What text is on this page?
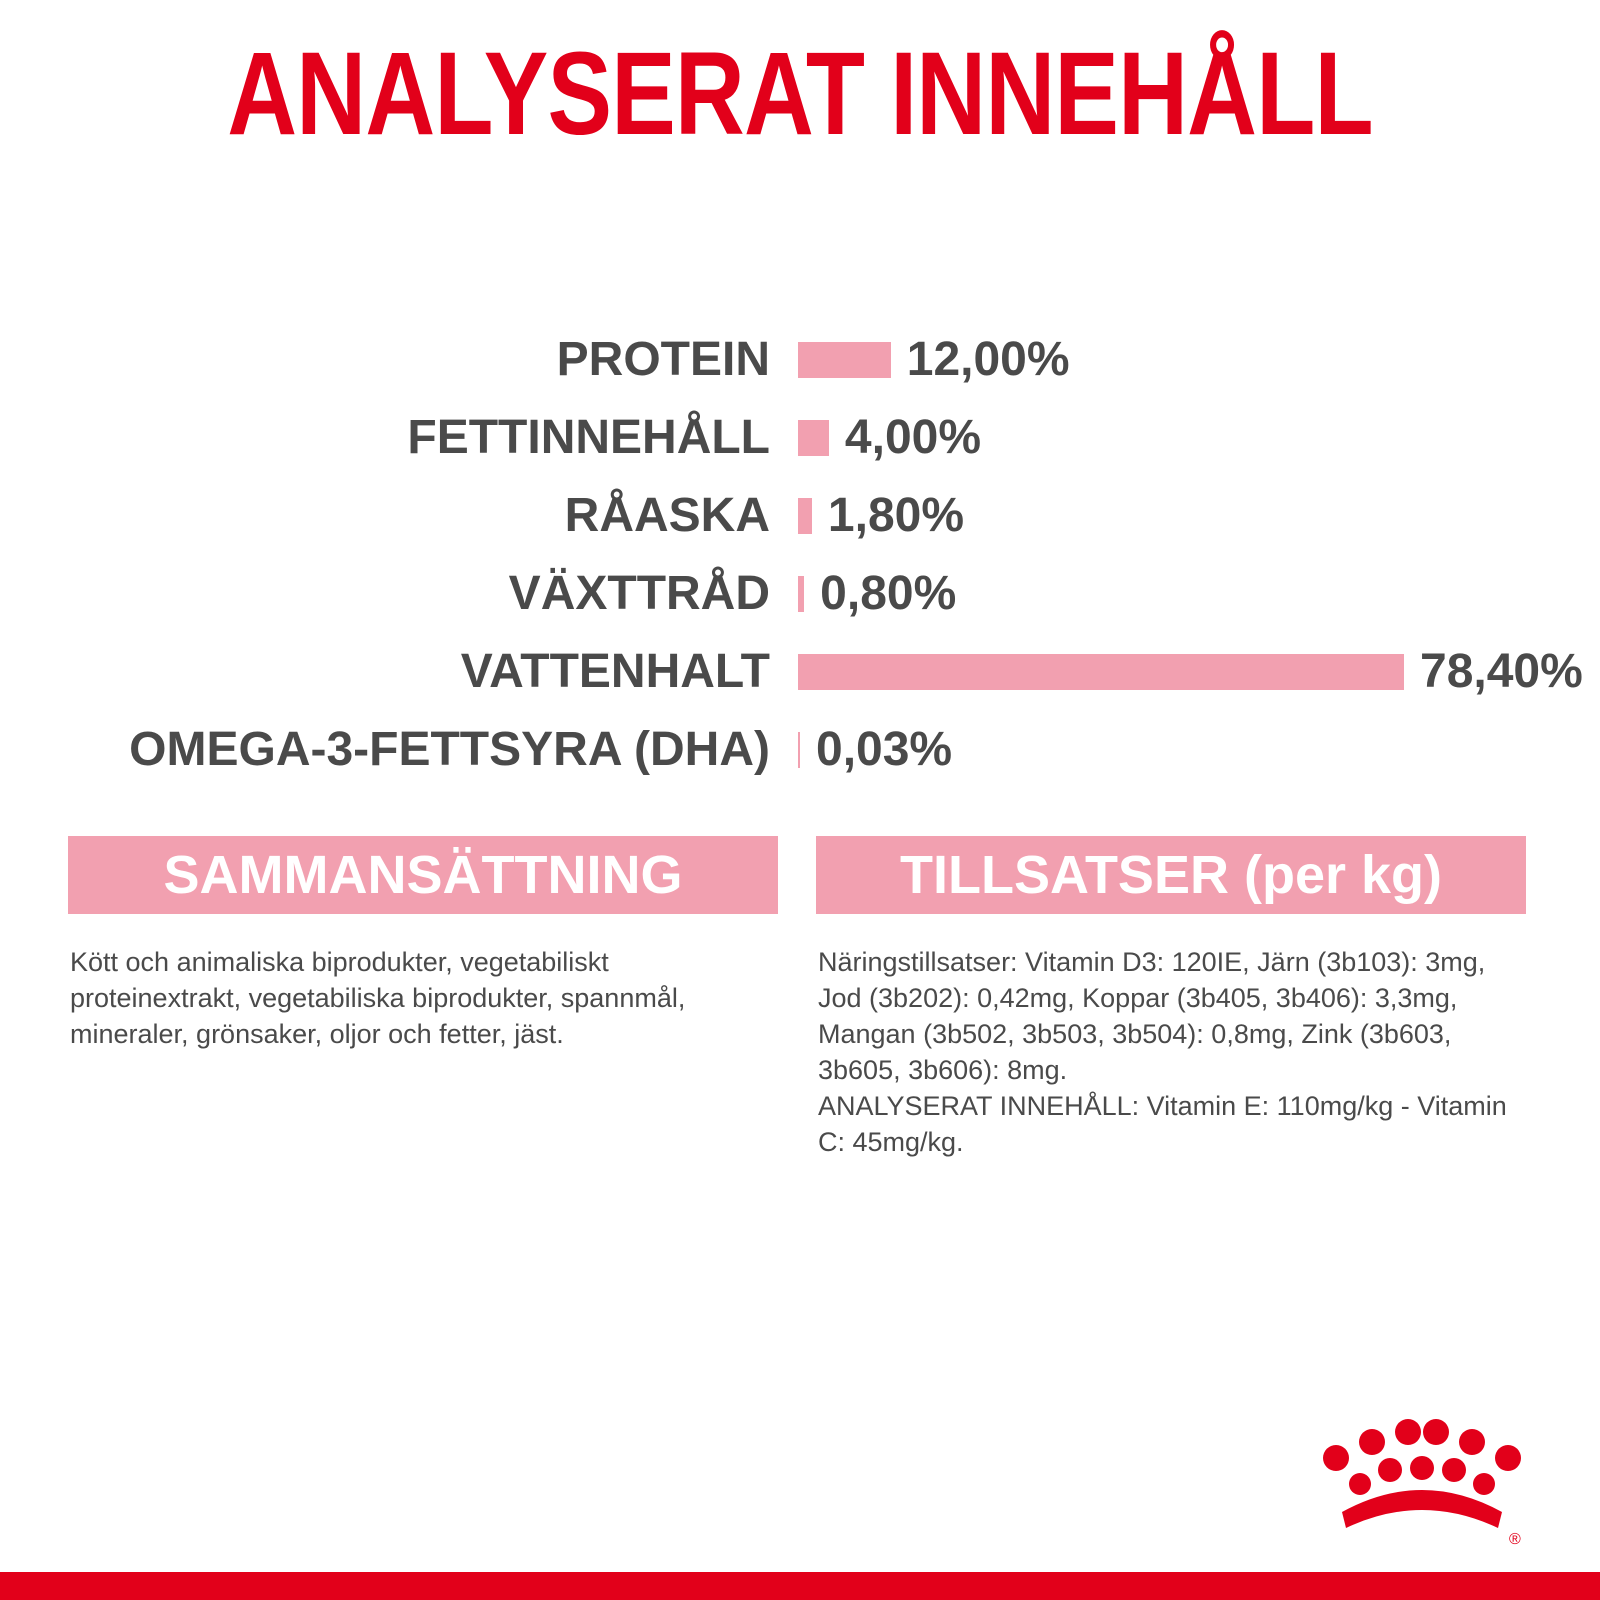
ANALYSERAT INNEHÅLL
PROTEIN	12,00%
FETTINNEHÅLL 4,00%
RÅASKA 1,80%
VÄXTTRÅD 0,80%
VATTENHALT	78,40%
OMEGA-3-FETTSYRA (DHA) 0,03%
SAMMANSÄTTNING	TILLSATSER (per kg)

Kött och animaliska biprodukter, vegetabiliskt proteinextrakt, vegetabiliska biprodukter, spannmål, mineraler, grönsaker, oljor och fetter, jäst.

Näringstillsatser: Vitamin D3: 120IE, Järn (3b103): 3mg, Jod (3b202): 0,42mg, Koppar (3b405, 3b406): 3,3mg, Mangan (3b502, 3b503, 3b504): 0,8mg, Zink (3b603, 3b605, 3b606): 8mg.

ANALYSERAT INNEHÅLL: Vitamin E: 110mg/kg - Vitamin C: 45mg/kg.

®
